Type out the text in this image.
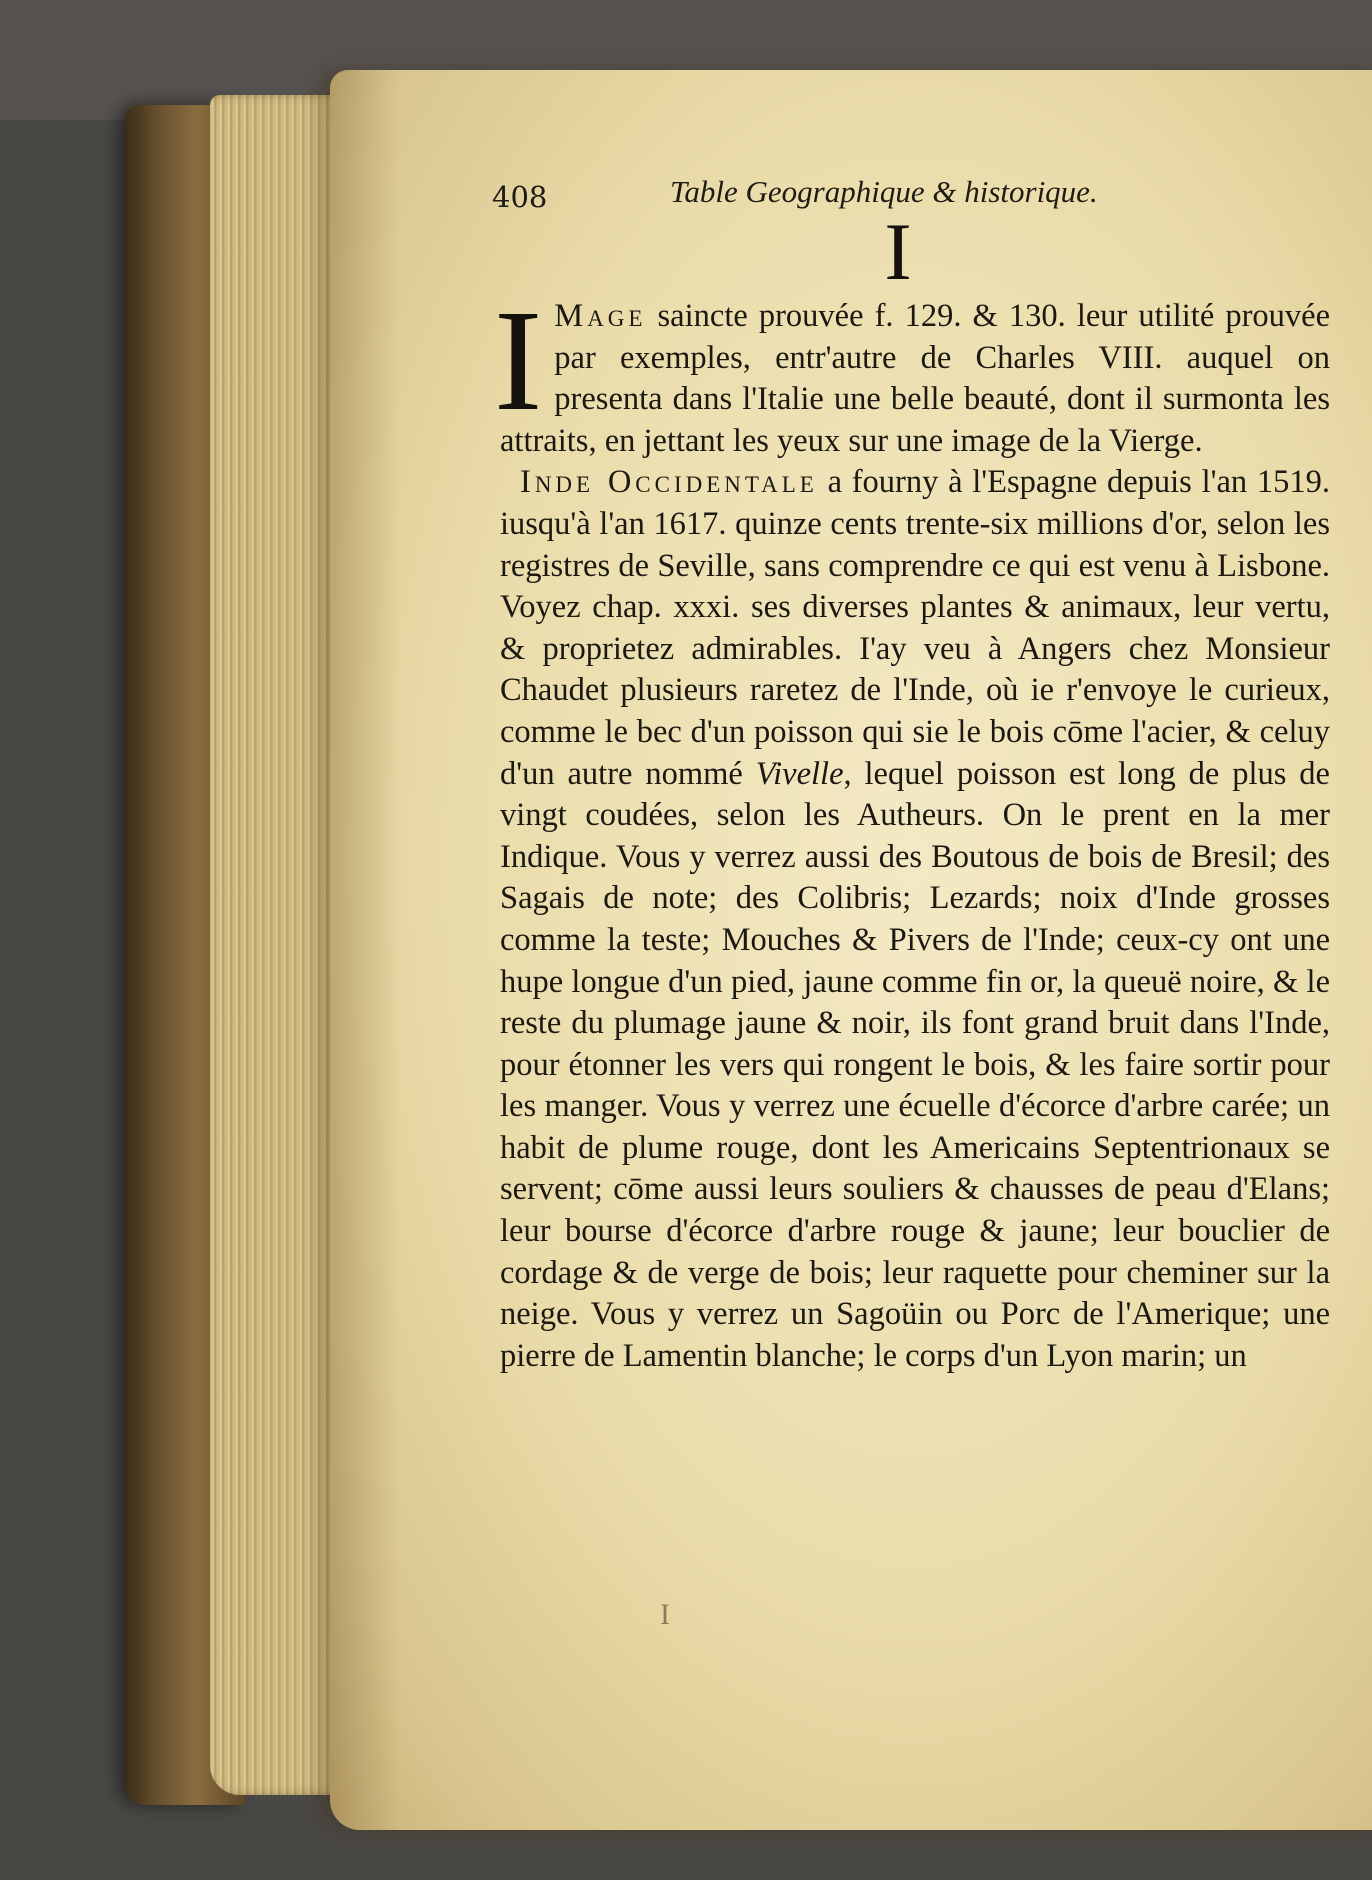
408	Table Geographique & historique.
I

I Mage saincte prouvée f. 129. & 130. leur utilité prouvée par exemples, entr'autre de Charles VIII. auquel on presenta dans l'Italie une belle beauté, dont il surmonta les attraits, en jettant les yeux sur une image de la Vierge.

Inde Occidentale a fourny à l'Espagne depuis l'an 1519. iusqu'à l'an 1617. quinze cents trente-six millions d'or, selon les registres de Seville, sans comprendre ce qui est venu à Lisbone. Voyez chap. xxxi. ses diverses plantes & animaux, leur vertu, & proprietez admirables. I'ay veu à Angers chez Monsieur Chaudet plusieurs raretez de l'Inde, où ie r'envoye le curieux, comme le bec d'un poisson qui sie le bois cōme l'acier, & celuy d'un autre nommé Vivelle, lequel poisson est long de plus de vingt coudées, selon les Autheurs. On le prent en la mer Indique. Vous y verrez aussi des Boutous de bois de Bresil; des Sagais de note; des Colibris; Lezards; noix d'Inde grosses comme la teste; Mouches & Pivers de l'Inde; ceux-cy ont une hupe longue d'un pied, jaune comme fin or, la queuë noire, & le reste du plumage jaune & noir, ils font grand bruit dans l'Inde, pour étonner les vers qui rongent le bois, & les faire sortir pour les manger. Vous y verrez une écuelle d'écorce d'arbre carée; un habit de plume rouge, dont les Americains Septentrionaux se servent; cōme aussi leurs souliers & chausses de peau d'Elans; leur bourse d'écorce d'arbre rouge & jaune; leur bouclier de cordage & de verge de bois; leur raquette pour cheminer sur la neige. Vous y verrez un Sagoüin ou Porc de l'Amerique; une pierre de Lamentin blanche; le corps d'un Lyon marin; un

I
